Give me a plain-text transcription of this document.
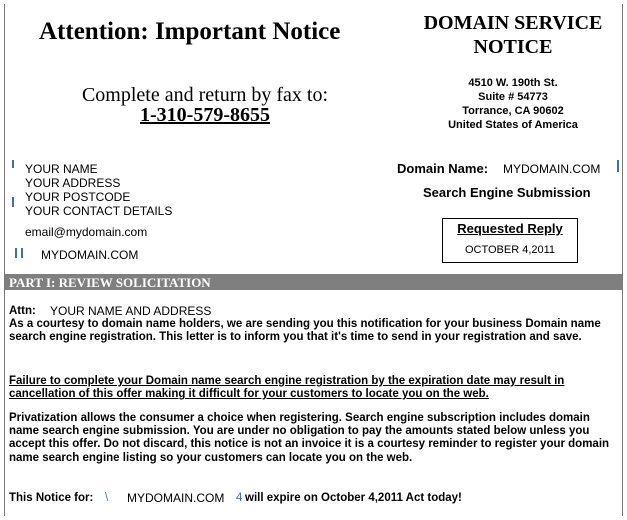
Attention: Important Notice	DOMAIN SERVICE
NOTICE
Complete and return by fax to:
1-310-579-8655
4510 W. 190th St.
Suite # 54773
Torrance, CA 90602
United States of America
YOUR NAME
YOUR ADDRESS
YOUR POSTCODE
YOUR CONTACT DETAILS
email@mydomain.com
MYDOMAIN.COM
Domain Name: MYDOMAIN.COM
Search Engine Submission
Requested Reply
OCTOBER 4,2011
PART I: REVIEW SOLICITATION
Attn: YOUR NAME AND ADDRESS
As a courtesy to domain name holders, we are sending you this notification for your business Domain name search engine registration. This letter is to inform you that it's time to send in your registration and save.
Failure to complete your Domain name search engine registration by the expiration date may result in cancellation of this offer making it difficult for your customers to locate you on the web.
Privatization allows the consumer a choice when registering. Search engine subscription includes domain name search engine submission. You are under no obligation to pay the amounts stated below unless you accept this offer. Do not discard, this notice is not an invoice it is a courtesy reminder to register your domain name search engine listing so your customers can locate you on the web.
This Notice for: \ MYDOMAIN.COM 4 will expire on October 4,2011 Act today!
